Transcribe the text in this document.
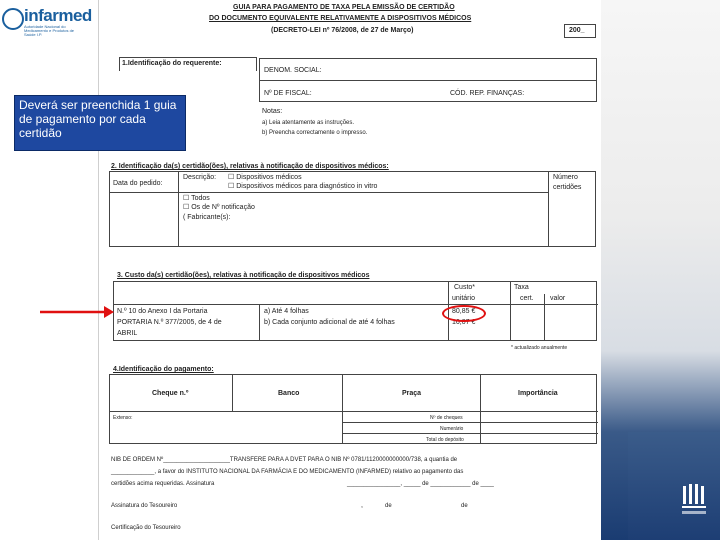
infarmed
Autoridade Nacional do Medicamento e Produtos de Saúde I.P.
GUIA PARA PAGAMENTO DE TAXA PELA EMISSÃO DE CERTIDÃO
DO DOCUMENTO EQUIVALENTE RELATIVAMENTE A DISPOSITIVOS MÉDICOS
(DECRETO-LEI nº 76/2008, de 27 de Março)	200_
1.Identificação do requerente:
DENOM. SOCIAL:
Nº DE FISCAL:	CÓD. REP. FINANÇAS:
Notas:
a) Leia atentamente as instruções.
b) Preencha correctamente o impresso.
2. Identificação da(s) certidão(ões), relativas à notificação de dispositivos médicos:
Data do pedido:
Descrição: ☐ Dispositivos médicos
☐ Dispositivos médicos para diagnóstico in vitro
Número
certidões
☐ Todos
☐ Os de Nº notificação
( Fabricante(s):
3. Custo da(s) certidão(ões), relativas à notificação de dispositivos médicos
Custo*
unitário
Taxa
cert. valor
N.º 10 do Anexo I da Portaria	a) Até 4 folhas	80,85 €
PORTARIA N.º 377/2005, de 4 de	b) Cada conjunto adicional de até 4 folhas	16,07 €
ABRIL
* actualizado anualmente
4.Identificação do pagamento:
Cheque n.º	Banco	Praça	Importância
Extenso:	Nº de cheques
Numerário
Total do depósito
NIB DE ORDEM Nº____________________TRANSFERE PARA A DVET PARA O NIB Nº 0781/1120000000000/738, a quantia de
_____________, a favor do INSTITUTO NACIONAL DA FARMÁCIA E DO MEDICAMENTO (INFARMED) relativo ao pagamento das
certidões acima requeridas. Assinatura	________________, _____ de ____________ de ____
Assinatura do Tesoureiro	,	de	de
Certificação do Tesoureiro
Deverá ser preenchida 1 guia de pagamento por cada certidão
